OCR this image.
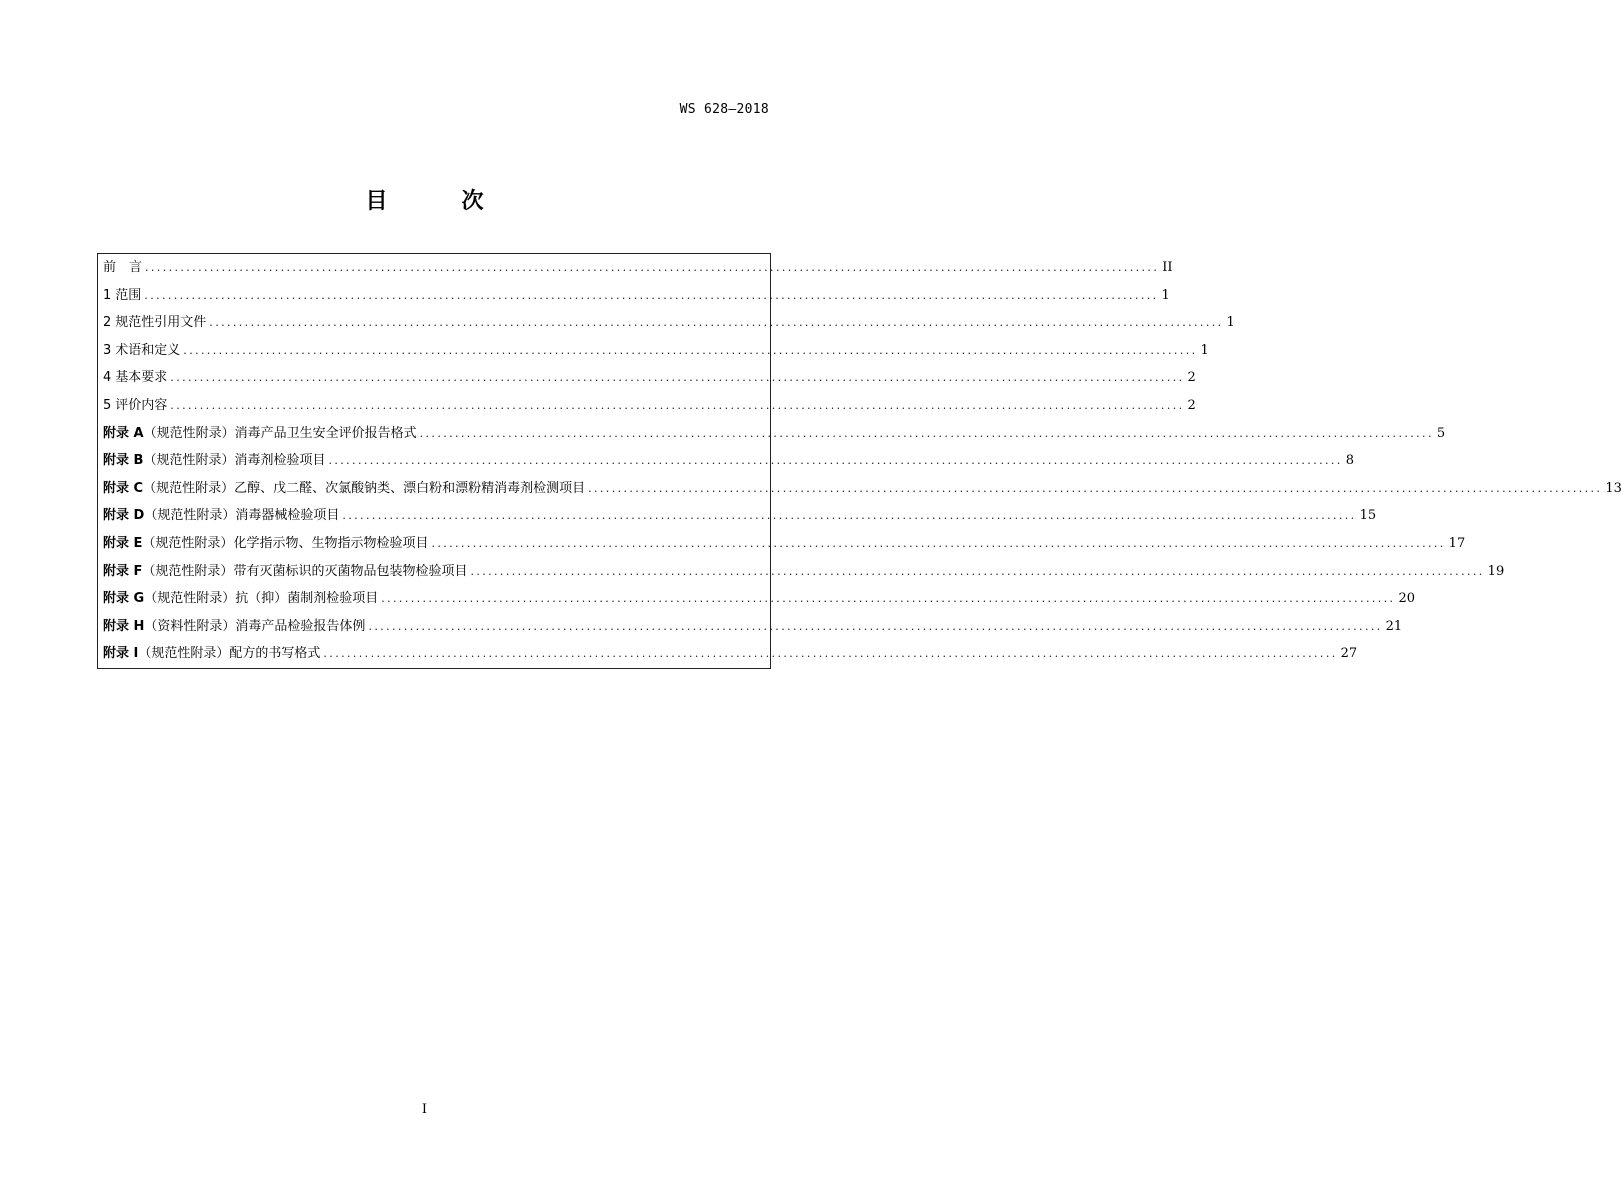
WS 628—2018
目　次
前　言 ............................................................................................................................................................................ II
1 范围 ............................................................................................................................................................................ 1
2 规范性引用文件 ............................................................................................................................................................................ 1
3 术语和定义 ............................................................................................................................................................................ 1
4 基本要求 ............................................................................................................................................................................ 2
5 评价内容 ............................................................................................................................................................................ 2
附录 A （规范性附录） 消毒产品卫生安全评价报告格式 ............................................................................................................................................................................ 5
附录 B （规范性附录） 消毒剂检验项目 ............................................................................................................................................................................ 8
附录 C （规范性附录） 乙醇、戊二醛、次氯酸钠类、漂白粉和漂粉精消毒剂检测项目 ............................................................................................................................................................................ 13
附录 D （规范性附录） 消毒器械检验项目 ............................................................................................................................................................................ 15
附录 E （规范性附录） 化学指示物、生物指示物检验项目 ............................................................................................................................................................................ 17
附录 F （规范性附录） 带有灭菌标识的灭菌物品包装物检验项目 ............................................................................................................................................................................ 19
附录 G （规范性附录） 抗（抑）菌制剂检验项目 ............................................................................................................................................................................ 20
附录 H （资料性附录） 消毒产品检验报告体例 ............................................................................................................................................................................ 21
附录 I （规范性附录） 配方的书写格式 ............................................................................................................................................................................ 27
I
